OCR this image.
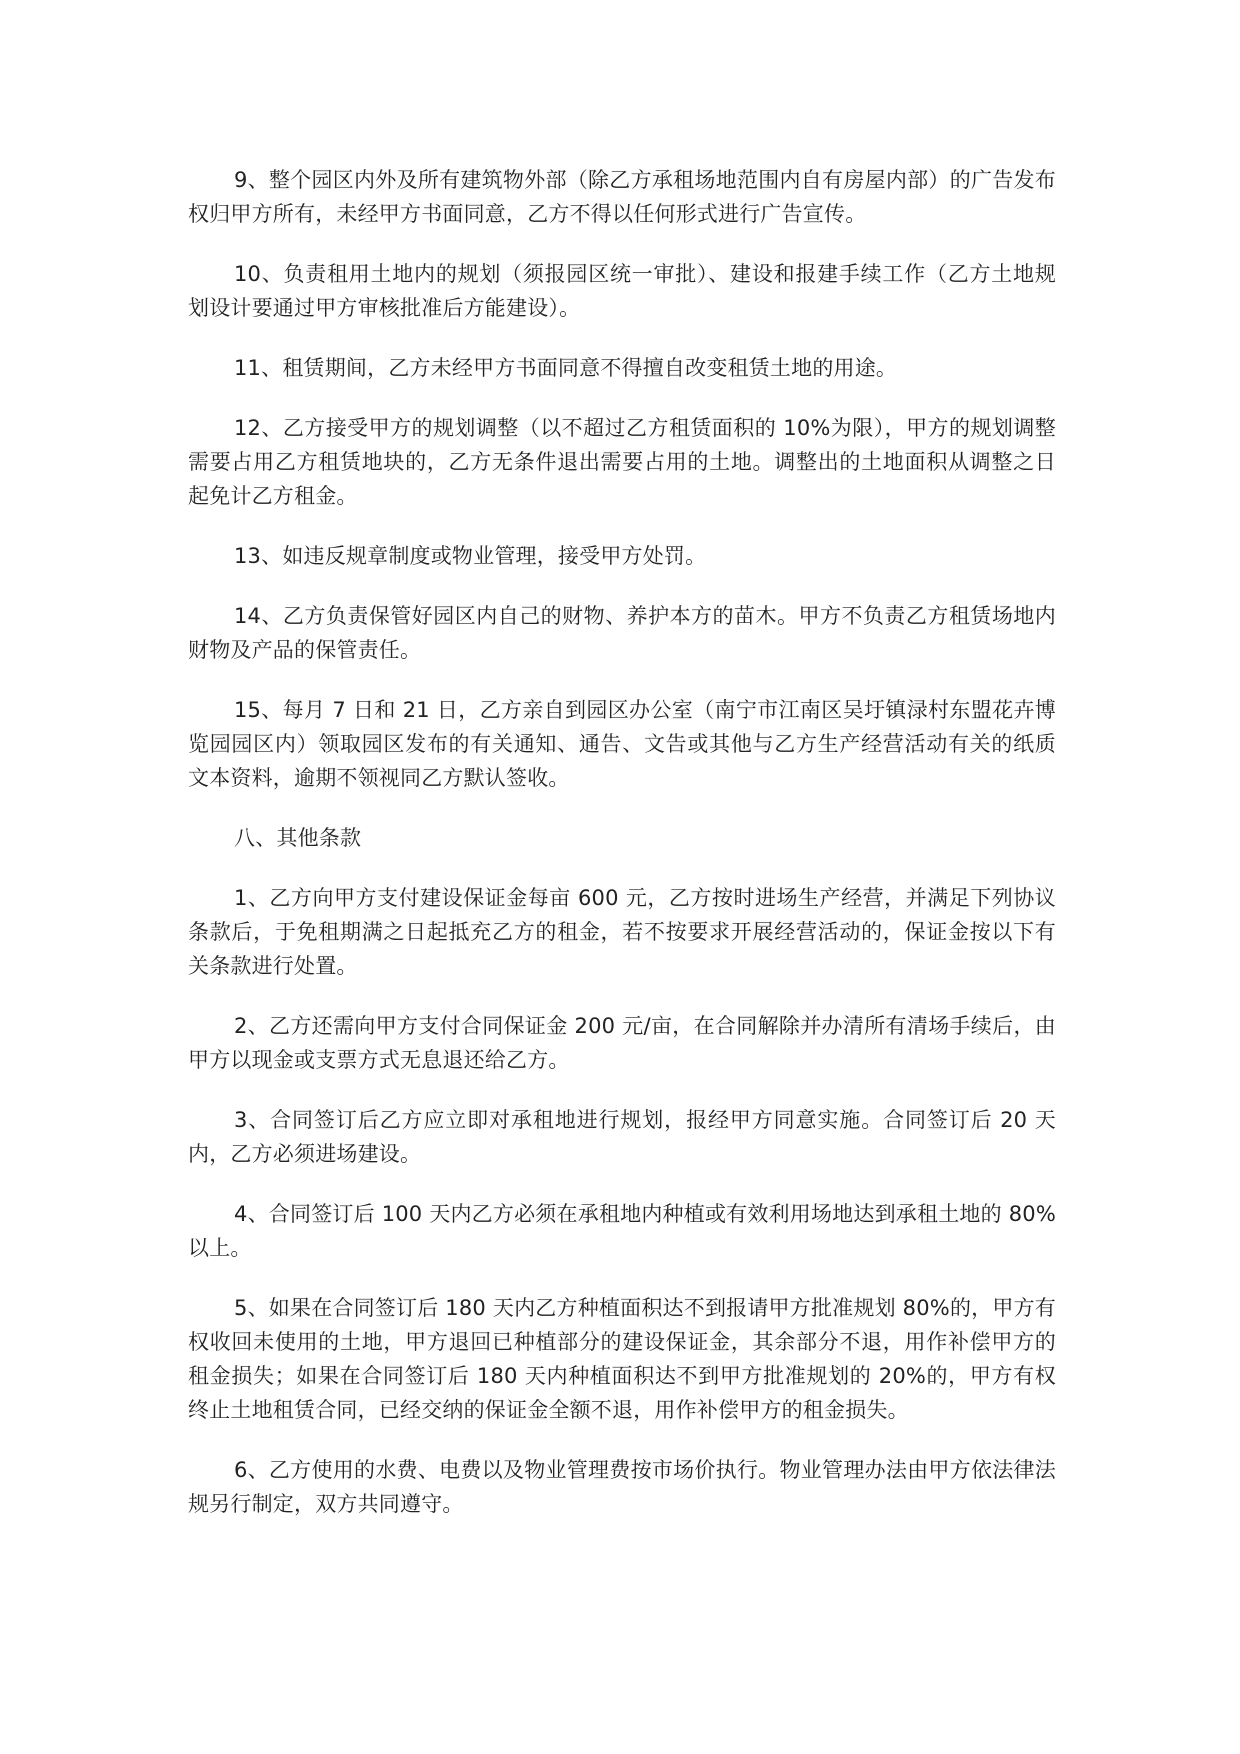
9、整个园区内外及所有建筑物外部（除乙方承租场地范围内自有房屋内部）的广告发布权归甲方所有，未经甲方书面同意，乙方不得以任何形式进行广告宣传。

10、负责租用土地内的规划（须报园区统一审批）、建设和报建手续工作（乙方土地规划设计要通过甲方审核批准后方能建设）。

11、租赁期间，乙方未经甲方书面同意不得擅自改变租赁土地的用途。

12、乙方接受甲方的规划调整（以不超过乙方租赁面积的 10%为限），甲方的规划调整需要占用乙方租赁地块的，乙方无条件退出需要占用的土地。调整出的土地面积从调整之日起免计乙方租金。

13、如违反规章制度或物业管理，接受甲方处罚。

14、乙方负责保管好园区内自己的财物、养护本方的苗木。甲方不负责乙方租赁场地内财物及产品的保管责任。

15、每月 7 日和 21 日，乙方亲自到园区办公室（南宁市江南区吴圩镇渌村东盟花卉博览园园区内）领取园区发布的有关通知、通告、文告或其他与乙方生产经营活动有关的纸质文本资料，逾期不领视同乙方默认签收。

八、其他条款

1、乙方向甲方支付建设保证金每亩 600 元，乙方按时进场生产经营，并满足下列协议条款后，于免租期满之日起抵充乙方的租金，若不按要求开展经营活动的，保证金按以下有关条款进行处置。

2、乙方还需向甲方支付合同保证金 200 元/亩，在合同解除并办清所有清场手续后，由甲方以现金或支票方式无息退还给乙方。

3、合同签订后乙方应立即对承租地进行规划，报经甲方同意实施。合同签订后 20 天内，乙方必须进场建设。

4、合同签订后 100 天内乙方必须在承租地内种植或有效利用场地达到承租土地的 80%以上。

5、如果在合同签订后 180 天内乙方种植面积达不到报请甲方批准规划 80%的，甲方有权收回未使用的土地，甲方退回已种植部分的建设保证金，其余部分不退，用作补偿甲方的租金损失；如果在合同签订后 180 天内种植面积达不到甲方批准规划的 20%的，甲方有权终止土地租赁合同，已经交纳的保证金全额不退，用作补偿甲方的租金损失。

6、乙方使用的水费、电费以及物业管理费按市场价执行。物业管理办法由甲方依法律法规另行制定，双方共同遵守。
